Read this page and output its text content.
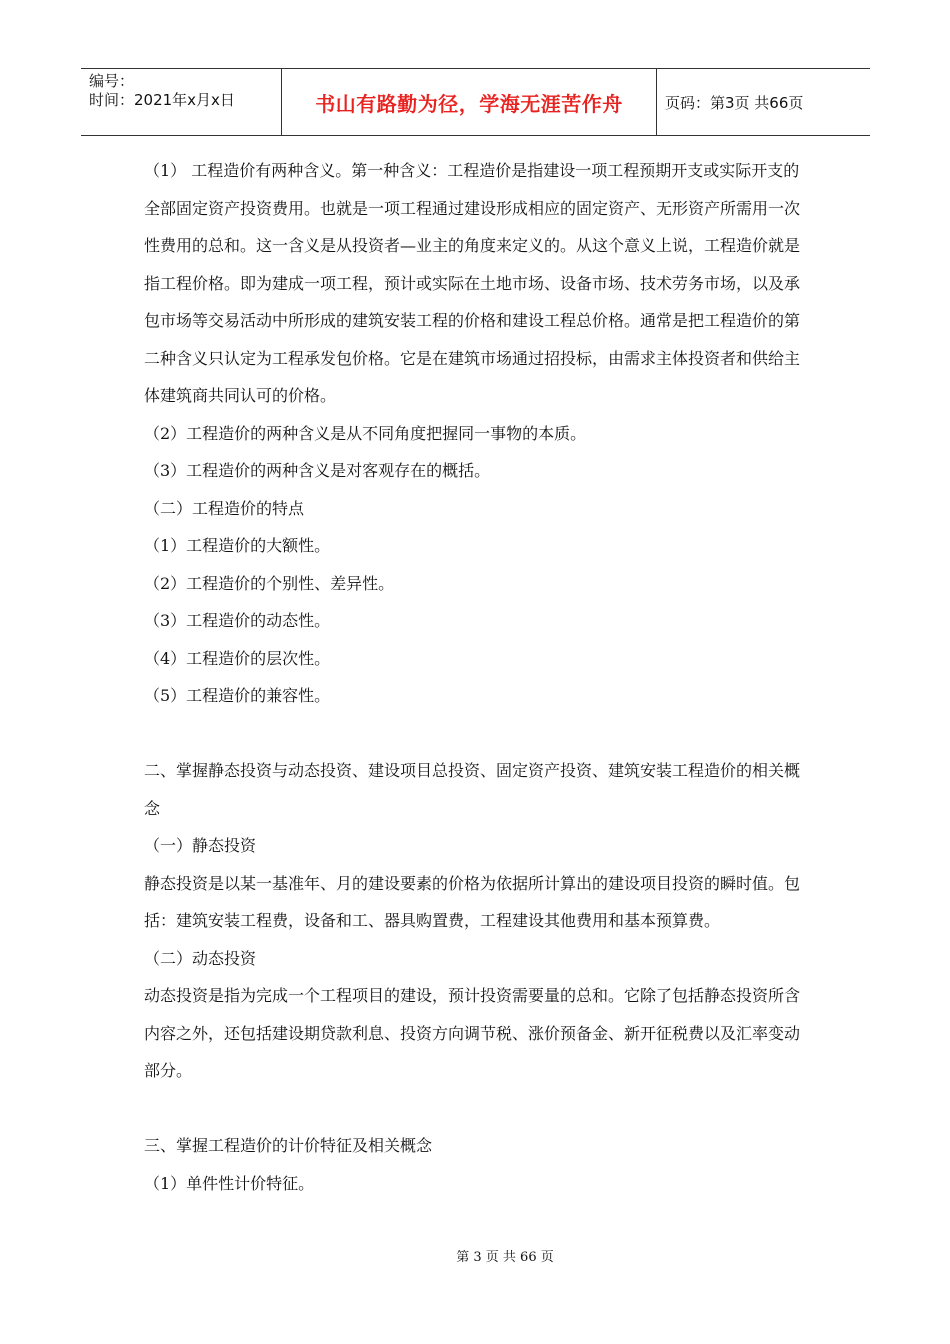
编号：
时间：2021年x月x日	书山有路勤为径，学海无涯苦作舟	页码：第3页 共66页

（1） 工程造价有两种含义。第一种含义：工程造价是指建设一项工程预期开支或实际开支的全部固定资产投资费用。也就是一项工程通过建设形成相应的固定资产、无形资产所需用一次性费用的总和。这一含义是从投资者—业主的角度来定义的。从这个意义上说，工程造价就是指工程价格。即为建成一项工程，预计或实际在土地市场、设备市场、技术劳务市场，以及承包市场等交易活动中所形成的建筑安装工程的价格和建设工程总价格。通常是把工程造价的第二种含义只认定为工程承发包价格。它是在建筑市场通过招投标，由需求主体投资者和供给主体建筑商共同认可的价格。

（2）工程造价的两种含义是从不同角度把握同一事物的本质。

（3）工程造价的两种含义是对客观存在的概括。

（二）工程造价的特点

（1）工程造价的大额性。

（2）工程造价的个别性、差异性。

（3）工程造价的动态性。

（4）工程造价的层次性。

（5）工程造价的兼容性。

二、掌握静态投资与动态投资、建设项目总投资、固定资产投资、建筑安装工程造价的相关概念

（一）静态投资

静态投资是以某一基准年、月的建设要素的价格为依据所计算出的建设项目投资的瞬时值。包括：建筑安装工程费，设备和工、器具购置费，工程建设其他费用和基本预算费。

（二）动态投资

动态投资是指为完成一个工程项目的建设，预计投资需要量的总和。它除了包括静态投资所含内容之外，还包括建设期贷款利息、投资方向调节税、涨价预备金、新开征税费以及汇率变动部分。

三、掌握工程造价的计价特征及相关概念

（1）单件性计价特征。

第 3 页 共 66 页
